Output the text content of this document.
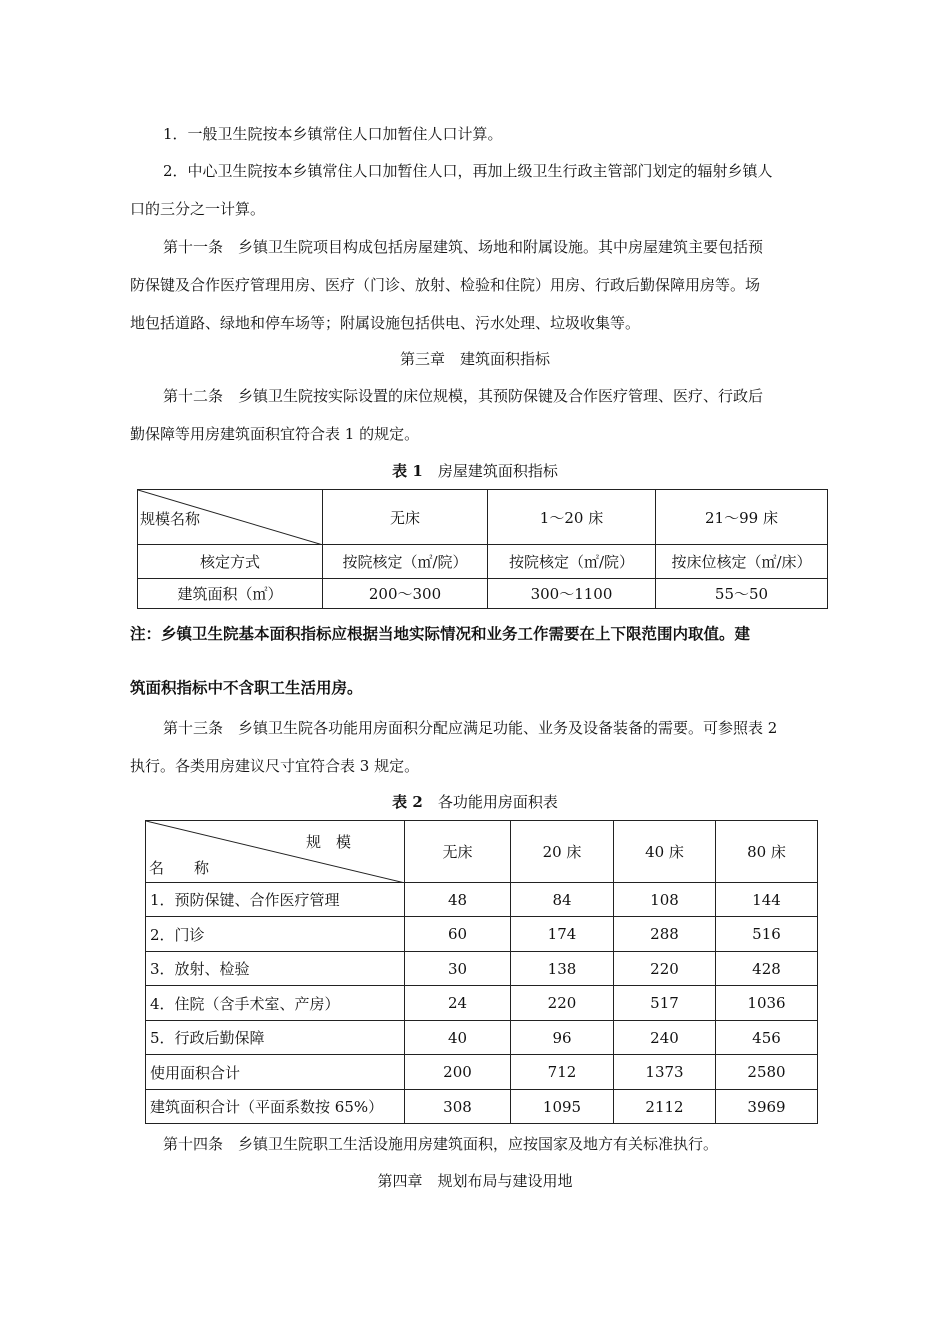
1．一般卫生院按本乡镇常住人口加暂住人口计算。

2．中心卫生院按本乡镇常住人口加暂住人口，再加上级卫生行政主管部门划定的辐射乡镇人

口的三分之一计算。

第十一条　乡镇卫生院项目构成包括房屋建筑、场地和附属设施。其中房屋建筑主要包括预

防保键及合作医疗管理用房、医疗（门诊、放射、检验和住院）用房、行政后勤保障用房等。场

地包括道路、绿地和停车场等；附属设施包括供电、污水处理、垃圾收集等。

第三章　建筑面积指标

第十二条　乡镇卫生院按实际设置的床位规模，其预防保键及合作医疗管理、医疗、行政后

勤保障等用房建筑面积宜符合表 1 的规定。

表 1　 房屋建筑面积指标

规模名称	无床	1～20 床	21～99 床
核定方式	按院核定（㎡/院）	按院核定（㎡/院）	按床位核定（㎡/床）
建筑面积（㎡）	200～300	300～1100	55～50

注：乡镇卫生院基本面积指标应根据当地实际情况和业务工作需要在上下限范围内取值。建

筑面积指标中不含职工生活用房。

第十三条　乡镇卫生院各功能用房面积分配应满足功能、业务及设备装备的需要。可参照表 2

执行。各类用房建议尺寸宜符合表 3 规定。

表 2　 各功能用房面积表

规　模
名　　称	无床	20 床	40 床	80 床
1．预防保键、合作医疗管理	48	84	108	144
2．门诊	60	174	288	516
3．放射、检验	30	138	220	428
4．住院（含手术室、产房）	24	220	517	1036
5．行政后勤保障	40	96	240	456
使用面积合计	200	712	1373	2580
建筑面积合计（平面系数按 65%）	308	1095	2112	3969

第十四条　乡镇卫生院职工生活设施用房建筑面积，应按国家及地方有关标准执行。

第四章　规划布局与建设用地
